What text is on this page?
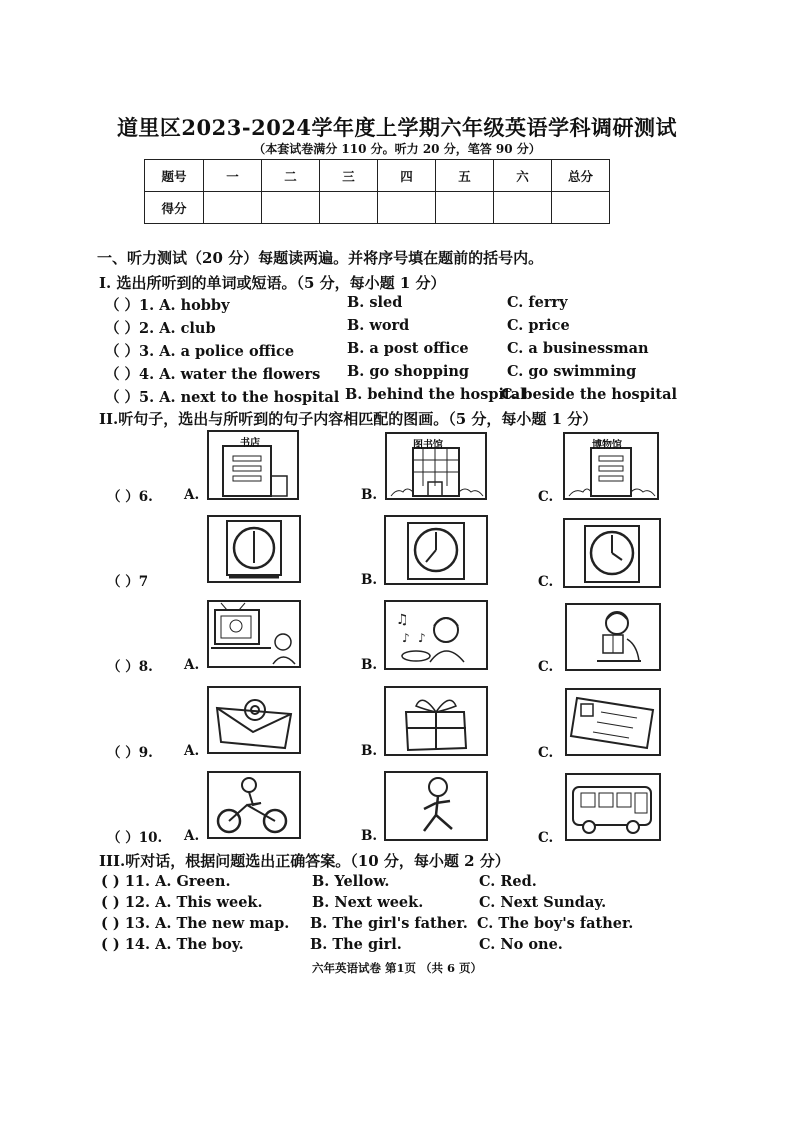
道里区2023-2024学年度上学期六年级英语学科调研测试
（本套试卷满分 110 分。听力 20 分，笔答 90 分）
题号	一	二	三	四	五	六	总分
得分							
一、听力测试（20 分）每题读两遍。并将序号填在题前的括号内。
I. 选出所听到的单词或短语。（5 分，每小题 1 分）
（ ）1. A. hobby	B. sled	C. ferry
（ ）2. A. club	B. word	C. price
（ ）3. A. a police office	B. a post office	C. a businessman
（ ）4. A. water the flowers B. go shopping	C. go swimming
（ ）5. A. next to the hospital B. behind the hospital
C. beside the hospital
II.听句子，选出与所听到的句子内容相匹配的图画。（5 分，每小题 1 分）
（ ）6. A.
书店
B.
图书馆
C.
博物馆
（ ）7	B.	C.
（ ）8. A.	B.	C.
♫
♪ ♪
（ ）9. A.	B.	C.
（ ）10. A.	B.	C.
III.听对话，根据问题选出正确答案。（10 分，每小题 2 分）
( ) 11. A. Green.	B. Yellow.	C. Red.
( ) 12. A. This week.	B. Next week.	C. Next Sunday.
( ) 13. A. The new map. B. The girl's father. C. The boy's father.
( ) 14. A. The boy.	B. The girl.	C. No one.
六年英语试卷 第1页 （共 6 页）
